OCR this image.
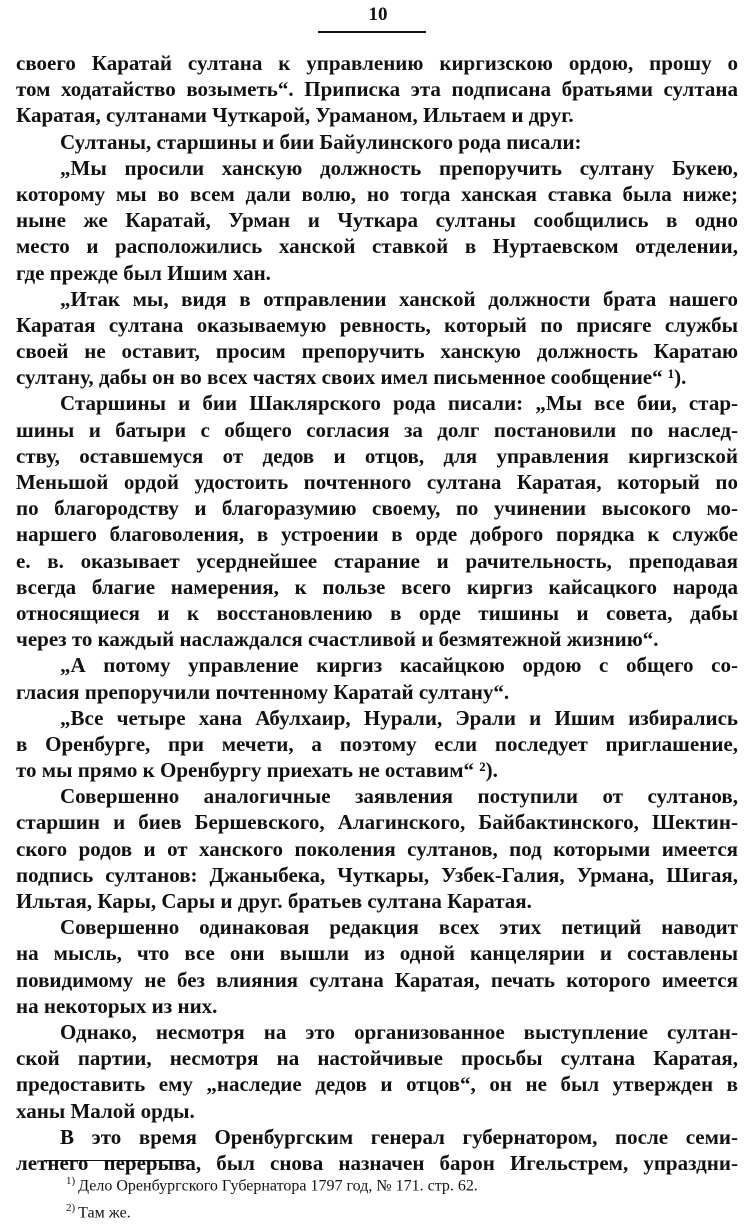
10
своего Каратай султана к управлению киргизскою ордою, прошу о
том ходатайство возыметь“. Приписка эта подписана братьями султана
Каратая, султанами Чуткарой, Ураманом, Ильтаем и друг.
Султаны, старшины и бии Байулинского рода писали:
„Мы просили ханскую должность препоручить султану Букею,
которому мы во всем дали волю, но тогда ханская ставка была ниже;
ныне же Каратай, Урман и Чуткара султаны сообщились в одно
место и расположились ханской ставкой в Нуртаевском отделении,
где прежде был Ишим хан.
„Итак мы, видя в отправлении ханской должности брата нашего
Каратая султана оказываемую ревность, который по присяге службы
своей не оставит, просим препоручить ханскую должность Каратаю
султану, дабы он во всех частях своих имел письменное сообщение“ ¹).
Старшины и бии Шаклярского рода писали: „Мы все бии, стар-
шины и батыри с общего согласия за долг постановили по наслед-
ству, оставшемуся от дедов и отцов, для управления киргизской
Меньшой ордой удостоить почтенного султана Каратая, который по
по благородству и благоразумию своему, по учинении высокого мо-
наршего благоволения, в устроении в орде доброго порядка к службе
е. в. оказывает усерднейшее старание и рачительность, преподавая
всегда благие намерения, к пользе всего киргиз кайсацкого народа
относящиеся и к восстановлению в орде тишины и совета, дабы
через то каждый наслаждался счастливой и безмятежной жизнию“.
„А потому управление киргиз касайцкою ордою с общего со-
гласия препоручили почтенному Каратай султану“.
„Все четыре хана Абулхаир, Нурали, Эрали и Ишим избирались
в Оренбурге, при мечети, а поэтому если последует приглашение,
то мы прямо к Оренбургу приехать не оставим“ ²).
Совершенно аналогичные заявления поступили от султанов,
старшин и биев Бершевского, Алагинского, Байбактинского, Шектин-
ского родов и от ханского поколения султанов, под которыми имеется
подпись султанов: Джаныбека, Чуткары, Узбек-Галия, Урмана, Шигая,
Ильтая, Кары, Сары и друг. братьев султана Каратая.
Совершенно одинаковая редакция всех этих петиций наводит
на мысль, что все они вышли из одной канцелярии и составлены
повидимому не без влияния султана Каратая, печать которого имеется
на некоторых из них.
Однако, несмотря на это организованное выступление султан-
ской партии, несмотря на настойчивые просьбы султана Каратая,
предоставить ему „наследие дедов и отцов“, он не был утвержден в
ханы Малой орды.
В это время Оренбургским генерал губернатором, после семи-
летнего перерыва, был снова назначен барон Игельстрем, упраздни-
$^{1)}$ Дело Оренбургского Губернатора 1797 год, № 171. стр. 62.
$^{2)}$ Там же.
